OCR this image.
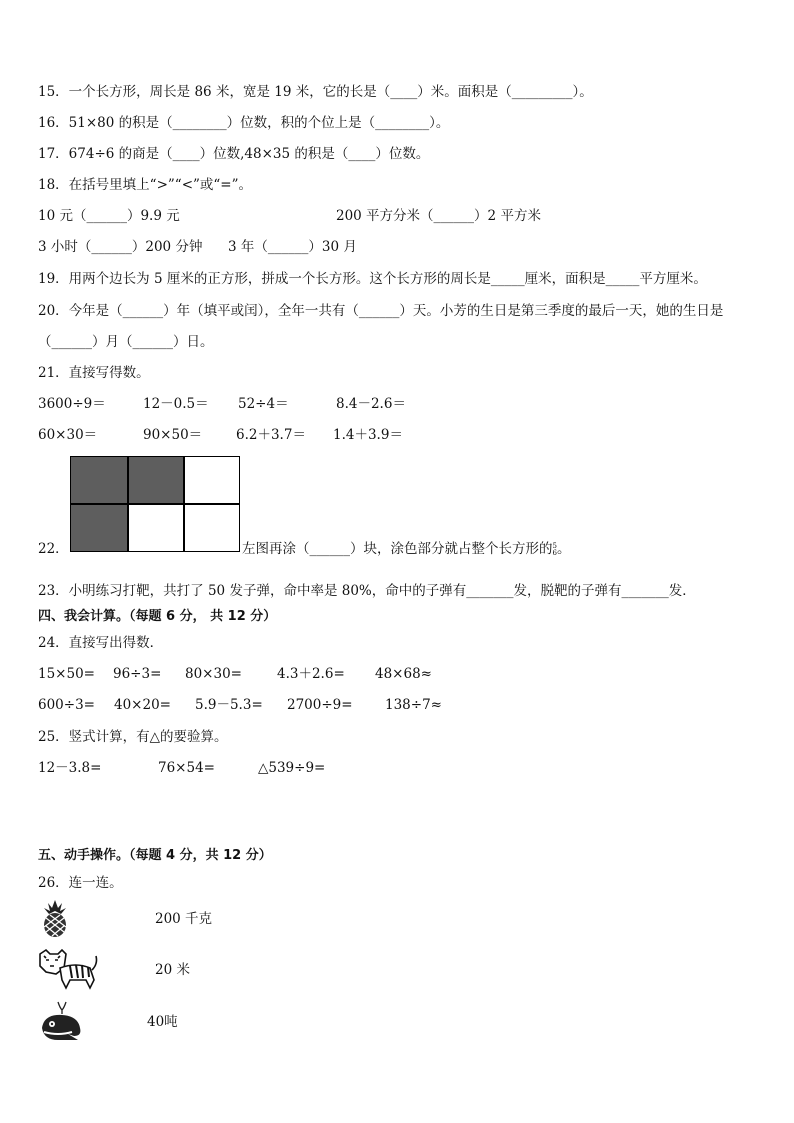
15．一个长方形，周长是 86 米，宽是 19 米，它的长是（____）米。面积是（_________）。
16．51×80 的积是（________）位数，积的个位上是（________）。
17．674÷6 的商是（____）位数,48×35 的积是（____）位数。
18．在括号里填上“>”“<”或“=”。
10 元（______）9.9 元	200 平方分米（______）2 平方米
3 小时（______）200 分钟 3 年（______）30 月
19．用两个边长为 5 厘米的正方形，拼成一个长方形。这个长方形的周长是_____厘米，面积是_____平方厘米。
20．今年是（______）年（填平或闰），全年一共有（______）天。小芳的生日是第三季度的最后一天，她的生日是
（______）月（______）日。
21．直接写得数。
3600÷9＝	12－0.5＝ 52÷4＝	8.4－2.6＝
60×30＝	90×50＝	6.2＋3.7＝ 1.4＋3.9＝
22．	左图再涂（______）块，涂色部分就占整个长方形的 5
6 。
23．小明练习打靶，共打了 50 发子弹，命中率是 80%，命中的子弹有_______发，脱靶的子弹有_______发．
四、我会计算。（每题 6 分， 共 12 分）
24．直接写出得数．
15×50= 96÷3= 80×30=	4.3＋2.6= 48×68≈
600÷3= 40×20= 5.9－5.3= 2700÷9= 138÷7≈
25．竖式计算，有△的要验算。
12－3.8=	76×54=	△539÷9=
五、动手操作。（每题 4 分，共 12 分）
26．连一连。
200 千克
20 米
40吨
